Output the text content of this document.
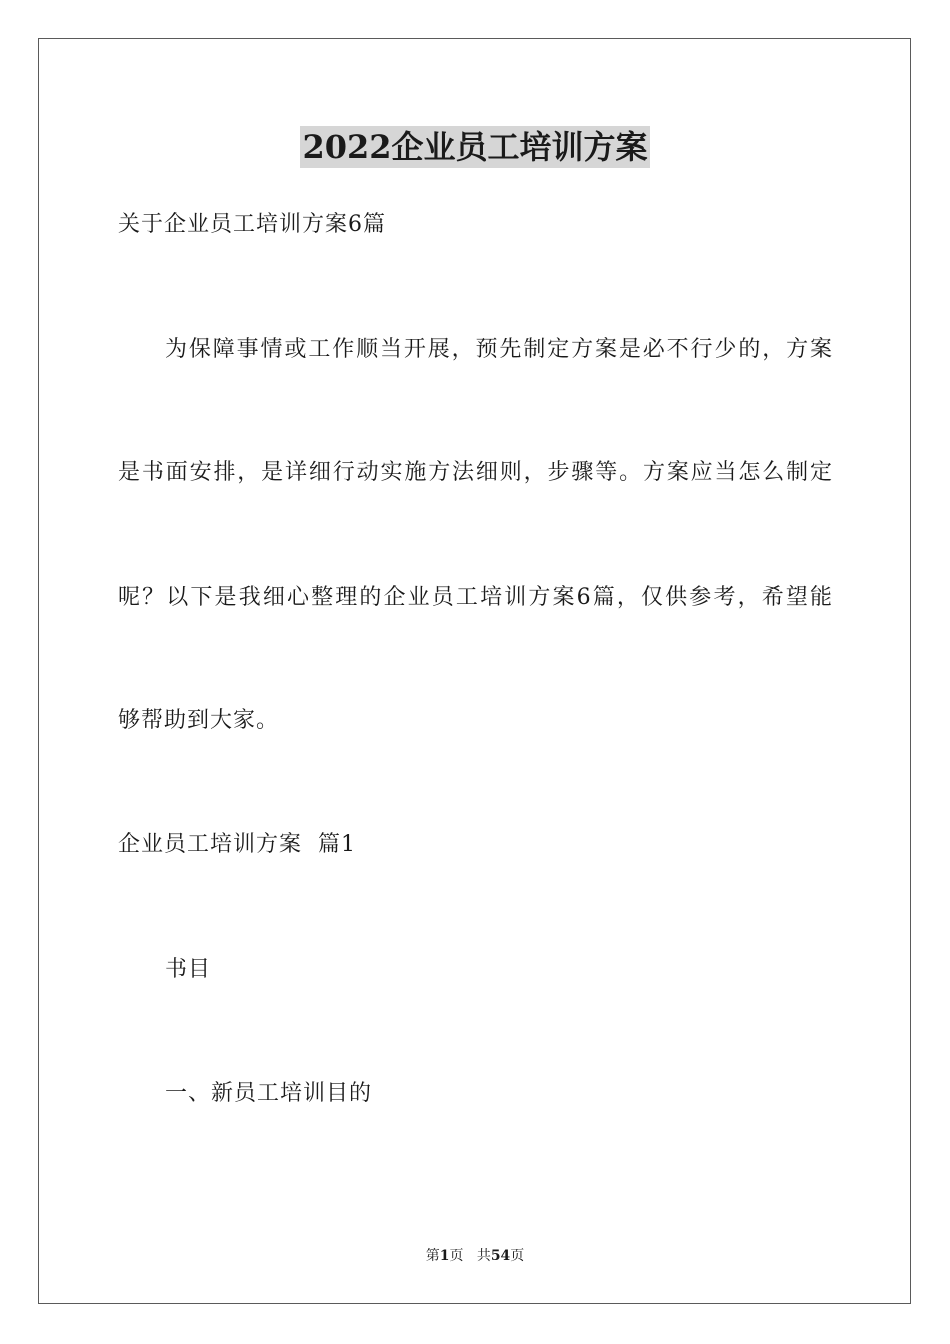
2022企业员工培训方案
关于企业员工培训方案6篇
为保障事情或工作顺当开展，预先制定方案是必不行少的，方案
是书面安排，是详细行动实施方法细则，步骤等。方案应当怎么制定
呢？以下是我细心整理的企业员工培训方案6篇，仅供参考，希望能
够帮助到大家。
企业员工培训方案  篇1
书目
一、新员工培训目的
第1页 共54页
